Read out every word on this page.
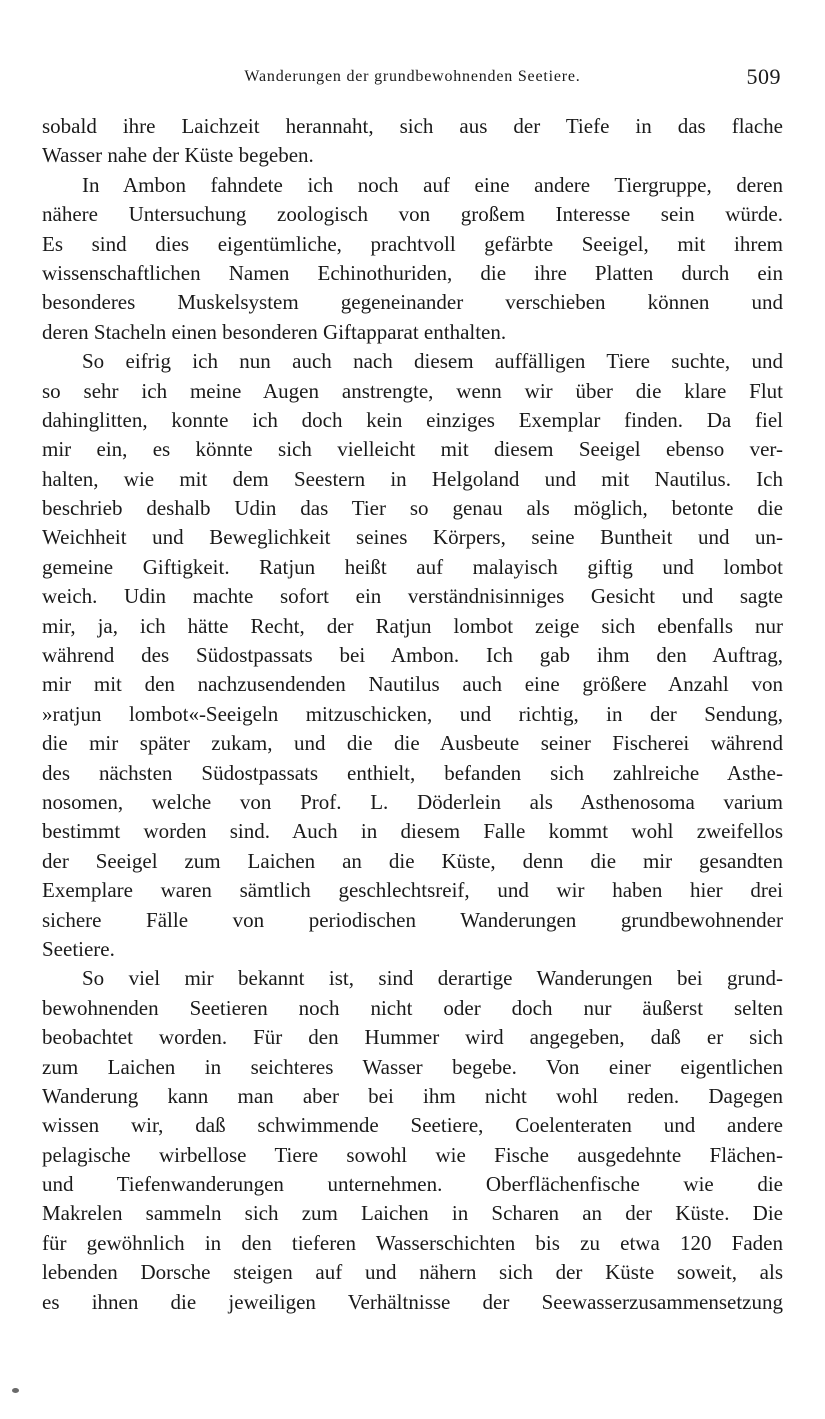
Wanderungen der grundbewohnenden Seetiere.	509
sobald ihre Laichzeit herannaht, sich aus der Tiefe in das flache
Wasser nahe der Küste begeben.
In Ambon fahndete ich noch auf eine andere Tiergruppe, deren
nähere Untersuchung zoologisch von großem Interesse sein würde.
Es sind dies eigentümliche, prachtvoll gefärbte Seeigel, mit ihrem
wissenschaftlichen Namen Echinothuriden, die ihre Platten durch ein
besonderes Muskelsystem gegeneinander verschieben können und
deren Stacheln einen besonderen Giftapparat enthalten.
So eifrig ich nun auch nach diesem auffälligen Tiere suchte, und
so sehr ich meine Augen anstrengte, wenn wir über die klare Flut
dahinglitten, konnte ich doch kein einziges Exemplar finden. Da fiel
mir ein, es könnte sich vielleicht mit diesem Seeigel ebenso ver-
halten, wie mit dem Seestern in Helgoland und mit Nautilus. Ich
beschrieb deshalb Udin das Tier so genau als möglich, betonte die
Weichheit und Beweglichkeit seines Körpers, seine Buntheit und un-
gemeine Giftigkeit. Ratjun heißt auf malayisch giftig und lombot
weich. Udin machte sofort ein verständnisinniges Gesicht und sagte
mir, ja, ich hätte Recht, der Ratjun lombot zeige sich ebenfalls nur
während des Südostpassats bei Ambon. Ich gab ihm den Auftrag,
mir mit den nachzusendenden Nautilus auch eine größere Anzahl von
»ratjun lombot«-Seeigeln mitzuschicken, und richtig, in der Sendung,
die mir später zukam, und die die Ausbeute seiner Fischerei während
des nächsten Südostpassats enthielt, befanden sich zahlreiche Asthe-
nosomen, welche von Prof. L. Döderlein als Asthenosoma varium
bestimmt worden sind. Auch in diesem Falle kommt wohl zweifellos
der Seeigel zum Laichen an die Küste, denn die mir gesandten
Exemplare waren sämtlich geschlechtsreif, und wir haben hier drei
sichere Fälle von periodischen Wanderungen grundbewohnender
Seetiere.
So viel mir bekannt ist, sind derartige Wanderungen bei grund-
bewohnenden Seetieren noch nicht oder doch nur äußerst selten
beobachtet worden. Für den Hummer wird angegeben, daß er sich
zum Laichen in seichteres Wasser begebe. Von einer eigentlichen
Wanderung kann man aber bei ihm nicht wohl reden. Dagegen
wissen wir, daß schwimmende Seetiere, Coelenteraten und andere
pelagische wirbellose Tiere sowohl wie Fische ausgedehnte Flächen-
und Tiefenwanderungen unternehmen. Oberflächenfische wie die
Makrelen sammeln sich zum Laichen in Scharen an der Küste. Die
für gewöhnlich in den tieferen Wasserschichten bis zu etwa 120 Faden
lebenden Dorsche steigen auf und nähern sich der Küste soweit, als
es ihnen die jeweiligen Verhältnisse der Seewasserzusammensetzung
